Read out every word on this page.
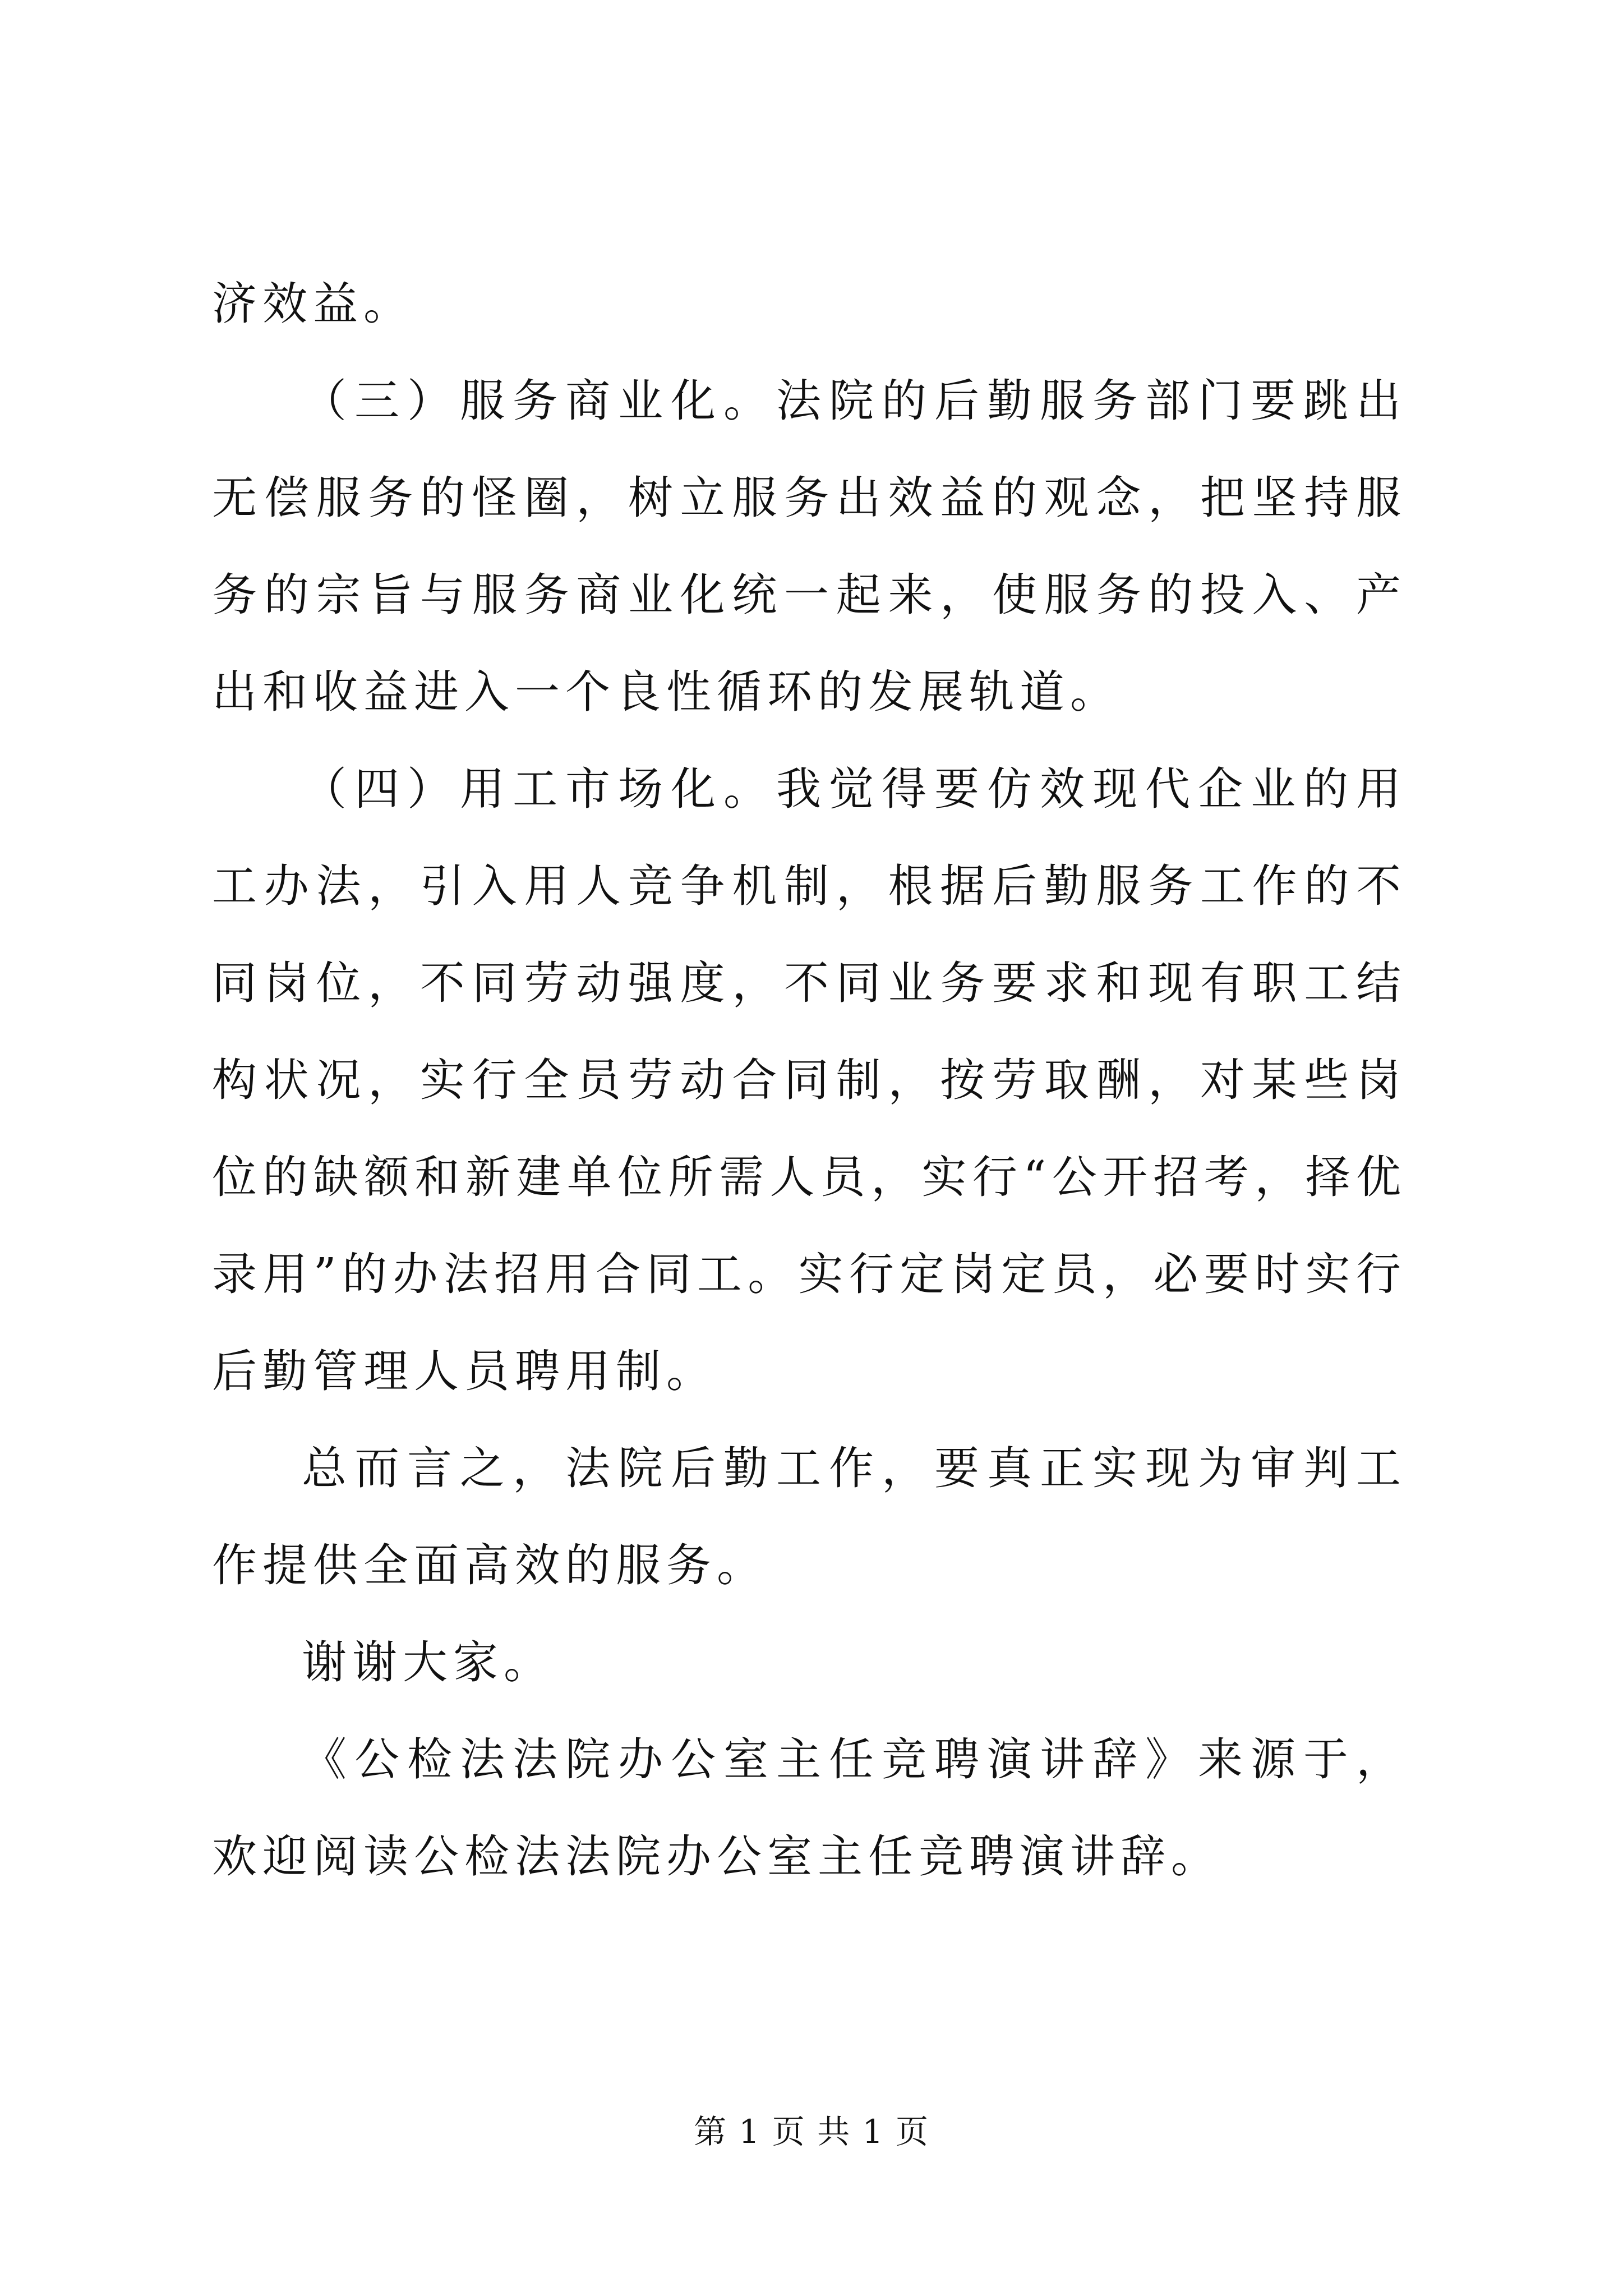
济效益。

（三）服务商业化。法院的后勤服务部门要跳出无偿服务的怪圈，树立服务出效益的观念，把坚持服务的宗旨与服务商业化统一起来，使服务的投入、产出和收益进入一个良性循环的发展轨道。

（四）用工市场化。我觉得要仿效现代企业的用工办法，引入用人竞争机制，根据后勤服务工作的不同岗位，不同劳动强度，不同业务要求和现有职工结构状况，实行全员劳动合同制，按劳取酬，对某些岗位的缺额和新建单位所需人员，实行“公开招考，择优录用”的办法招用合同工。实行定岗定员，必要时实行后勤管理人员聘用制。

总而言之，法院后勤工作，要真正实现为审判工作提供全面高效的服务。

谢谢大家。

《公检法法院办公室主任竞聘演讲辞》来源于，欢迎阅读公检法法院办公室主任竞聘演讲辞。

第 1 页 共 1 页
